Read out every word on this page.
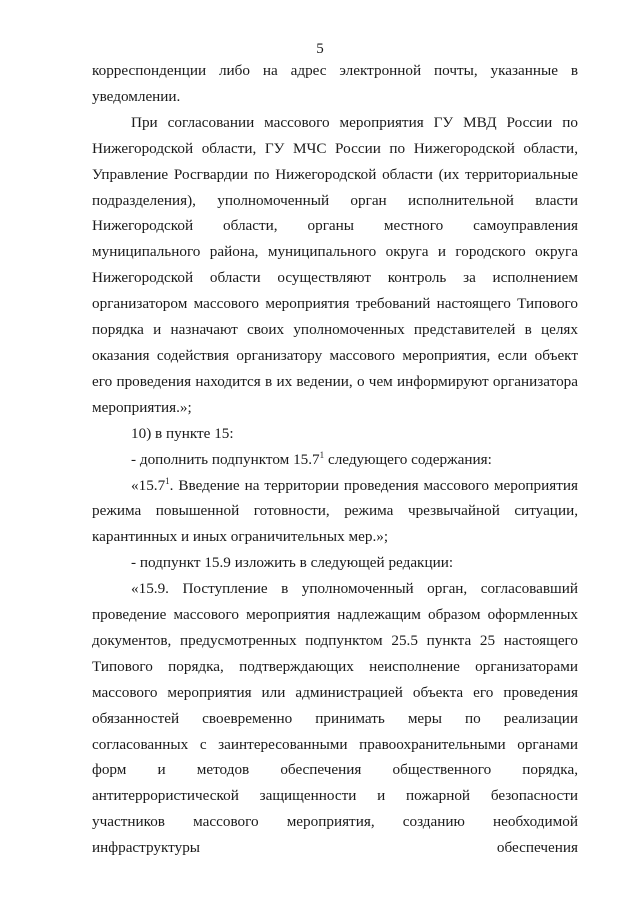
5

корреспонденции либо на адрес электронной почты, указанные в уведомлении.

При согласовании массового мероприятия ГУ МВД России по Нижегородской области, ГУ МЧС России по Нижегородской области, Управление Росгвардии по Нижегородской области (их территориальные подразделения), уполномоченный орган исполнительной власти Нижегородской области, органы местного самоуправления муниципального района, муниципального округа и городского округа Нижегородской области осуществляют контроль за исполнением организатором массового мероприятия требований настоящего Типового порядка и назначают своих уполномоченных представителей в целях оказания содействия организатору массового мероприятия, если объект его проведения находится в их ведении, о чем информируют организатора мероприятия.»;

10) в пункте 15:

- дополнить подпунктом 15.7$^1$ следующего содержания:

«15.7$^1$. Введение на территории проведения массового мероприятия режима повышенной готовности, режима чрезвычайной ситуации, карантинных и иных ограничительных мер.»;

- подпункт 15.9 изложить в следующей редакции:

«15.9. Поступление в уполномоченный орган, согласовавший проведение массового мероприятия надлежащим образом оформленных документов, предусмотренных подпунктом 25.5 пункта 25 настоящего Типового порядка, подтверждающих неисполнение организаторами массового мероприятия или администрацией объекта его проведения обязанностей своевременно принимать меры по реализации согласованных с заинтересованными правоохранительными органами форм и методов обеспечения общественного порядка, антитеррористической защищенности и пожарной безопасности участников массового мероприятия, созданию необходимой инфраструктуры обеспечения
